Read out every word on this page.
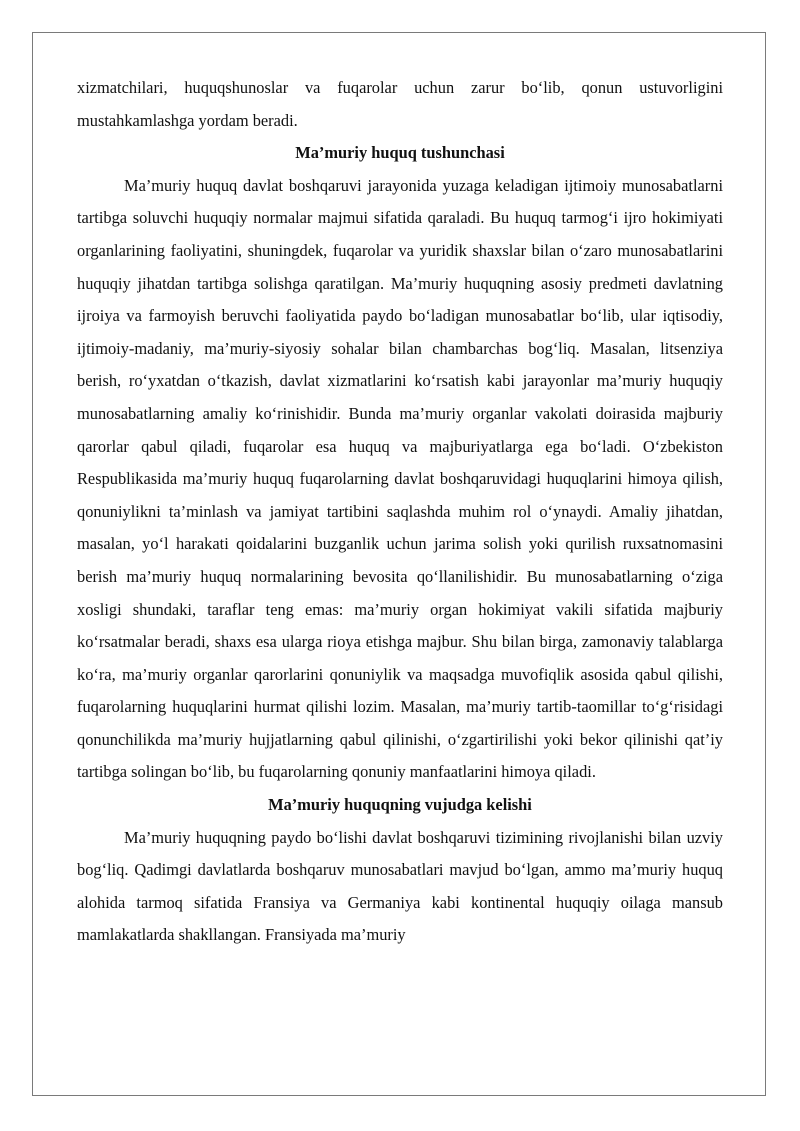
xizmatchilari, huquqshunoslar va fuqarolar uchun zarur bo‘lib, qonun ustuvorligini mustahkamlashga yordam beradi.

Ma’muriy huquq tushunchasi

Ma’muriy huquq davlat boshqaruvi jarayonida yuzaga keladigan ijtimoiy munosabatlarni tartibga soluvchi huquqiy normalar majmui sifatida qaraladi. Bu huquq tarmog‘i ijro hokimiyati organlarining faoliyatini, shuningdek, fuqarolar va yuridik shaxslar bilan o‘zaro munosabatlarini huquqiy jihatdan tartibga solishga qaratilgan. Ma’muriy huquqning asosiy predmeti davlatning ijroiya va farmoyish beruvchi faoliyatida paydo bo‘ladigan munosabatlar bo‘lib, ular iqtisodiy, ijtimoiy-madaniy, ma’muriy-siyosiy sohalar bilan chambarchas bog‘liq. Masalan, litsenziya berish, ro‘yxatdan o‘tkazish, davlat xizmatlarini ko‘rsatish kabi jarayonlar ma’muriy huquqiy munosabatlarning amaliy ko‘rinishidir. Bunda ma’muriy organlar vakolati doirasida majburiy qarorlar qabul qiladi, fuqarolar esa huquq va majburiyatlarga ega bo‘ladi. O‘zbekiston Respublikasida ma’muriy huquq fuqarolarning davlat boshqaruvidagi huquqlarini himoya qilish, qonuniylikni ta’minlash va jamiyat tartibini saqlashda muhim rol o‘ynaydi. Amaliy jihatdan, masalan, yo‘l harakati qoidalarini buzganlik uchun jarima solish yoki qurilish ruxsatnomasini berish ma’muriy huquq normalarining bevosita qo‘llanilishidir. Bu munosabatlarning o‘ziga xosligi shundaki, taraflar teng emas: ma’muriy organ hokimiyat vakili sifatida majburiy ko‘rsatmalar beradi, shaxs esa ularga rioya etishga majbur. Shu bilan birga, zamonaviy talablarga ko‘ra, ma’muriy organlar qarorlarini qonuniylik va maqsadga muvofiqlik asosida qabul qilishi, fuqarolarning huquqlarini hurmat qilishi lozim. Masalan, ma’muriy tartib-taomillar to‘g‘risidagi qonunchilikda ma’muriy hujjatlarning qabul qilinishi, o‘zgartirilishi yoki bekor qilinishi qat’iy tartibga solingan bo‘lib, bu fuqarolarning qonuniy manfaatlarini himoya qiladi.

Ma’muriy huquqning vujudga kelishi

Ma’muriy huquqning paydo bo‘lishi davlat boshqaruvi tizimining rivojlanishi bilan uzviy bog‘liq. Qadimgi davlatlarda boshqaruv munosabatlari mavjud bo‘lgan, ammo ma’muriy huquq alohida tarmoq sifatida Fransiya va Germaniya kabi kontinental huquqiy oilaga mansub mamlakatlarda shakllangan. Fransiyada ma’muriy
